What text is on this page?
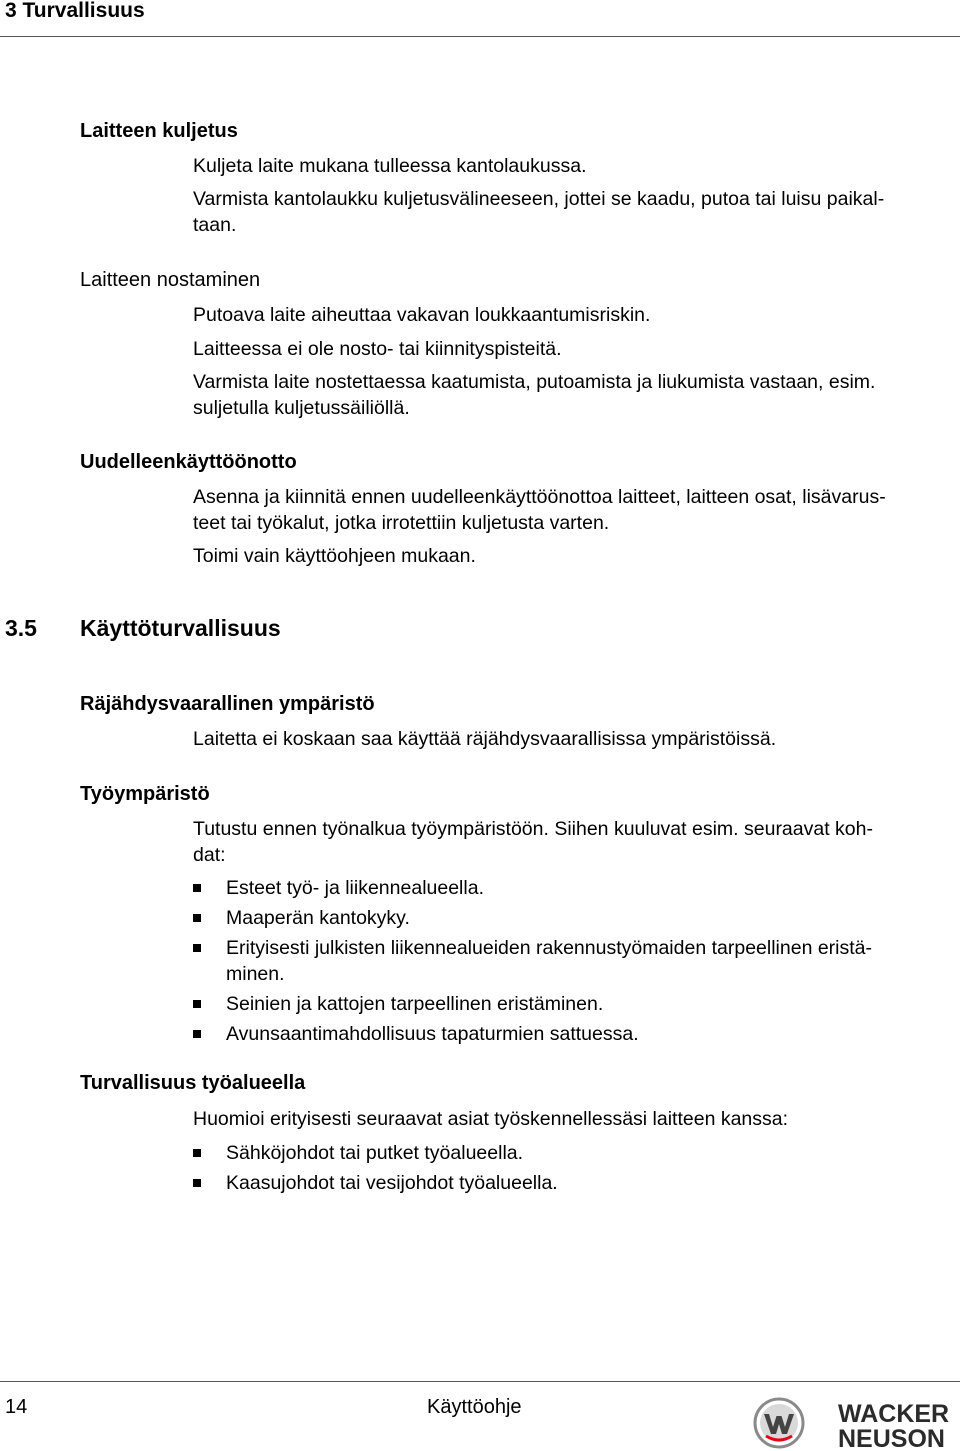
3 Turvallisuus
Laitteen kuljetus
Kuljeta laite mukana tulleessa kantolaukussa.
Varmista kantolaukku kuljetusvälineeseen, jottei se kaadu, putoa tai luisu paikal-
taan.
Laitteen nostaminen
Putoava laite aiheuttaa vakavan loukkaantumisriskin.
Laitteessa ei ole nosto- tai kiinnityspisteitä.
Varmista laite nostettaessa kaatumista, putoamista ja liukumista vastaan, esim.
suljetulla kuljetussäiliöllä.
Uudelleenkäyttöönotto
Asenna ja kiinnitä ennen uudelleenkäyttöönottoa laitteet, laitteen osat, lisävarus-
teet tai työkalut, jotka irrotettiin kuljetusta varten.
Toimi vain käyttöohjeen mukaan.
3.5 Käyttöturvallisuus
Räjähdysvaarallinen ympäristö
Laitetta ei koskaan saa käyttää räjähdysvaarallisissa ympäristöissä.
Työympäristö
Tutustu ennen työnalkua työympäristöön. Siihen kuuluvat esim. seuraavat koh-
dat:
Esteet työ- ja liikennealueella.
Maaperän kantokyky.
Erityisesti julkisten liikennealueiden rakennustyömaiden tarpeellinen eristä-
minen.
Seinien ja kattojen tarpeellinen eristäminen.
Avunsaantimahdollisuus tapaturmien sattuessa.
Turvallisuus työalueella
Huomioi erityisesti seuraavat asiat työskennellessäsi laitteen kanssa:
Sähköjohdot tai putket työalueella.
Kaasujohdot tai vesijohdot työalueella.
14	Käyttöohje	WACKER
NEUSON
